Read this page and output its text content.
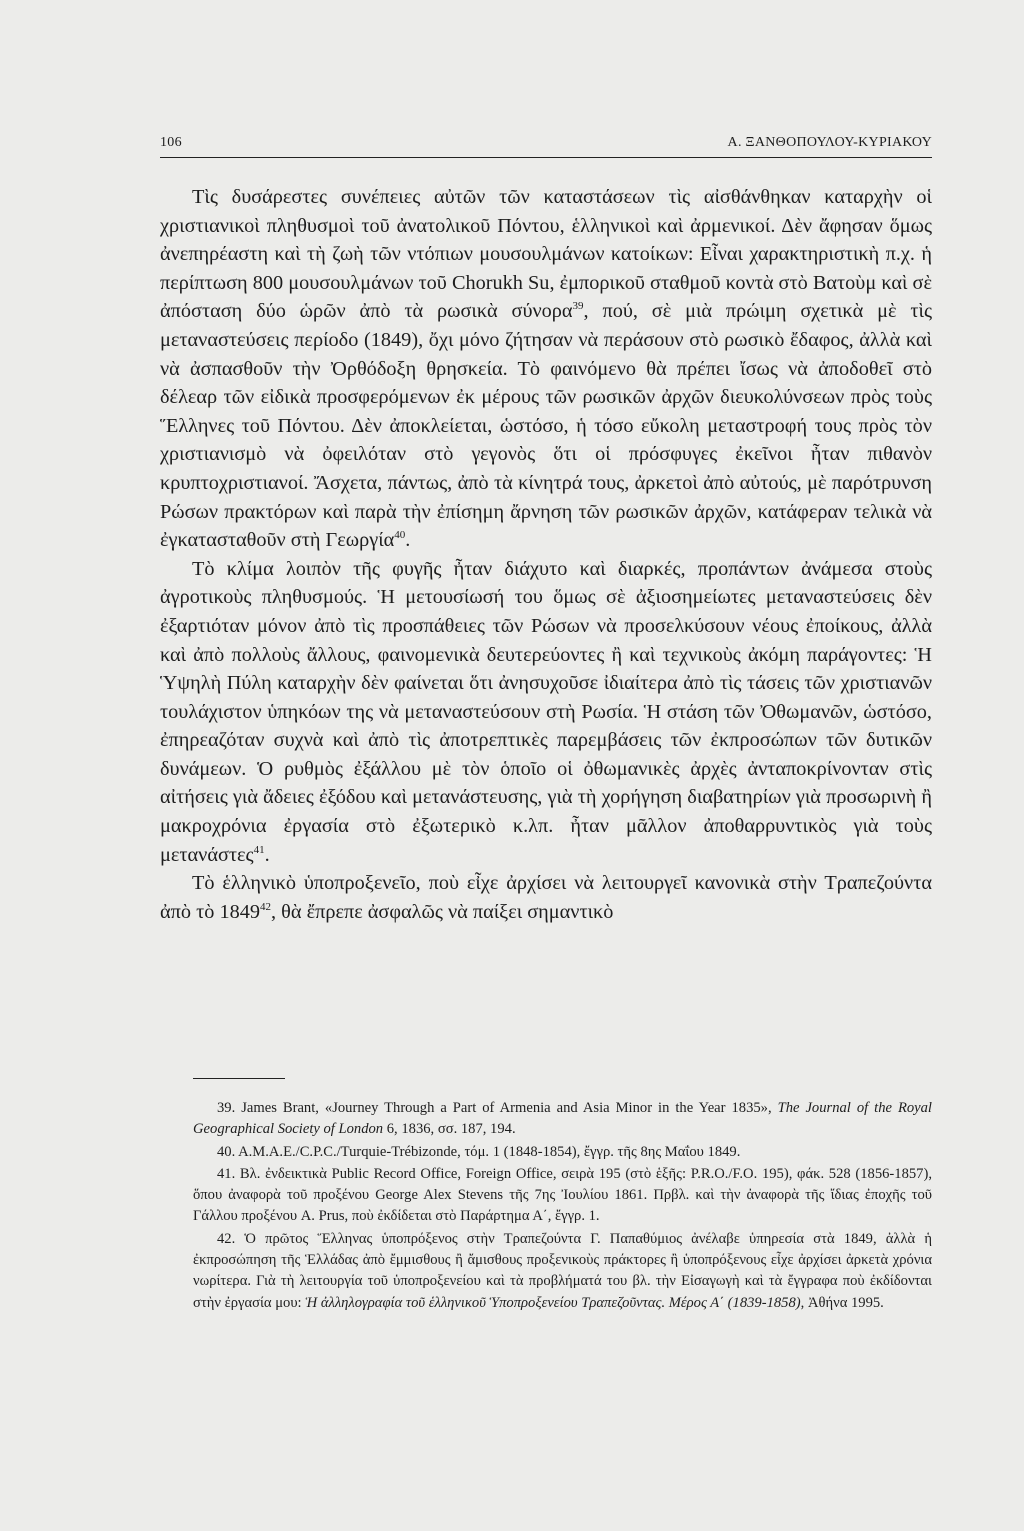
106	Α. ΞΑΝΘΟΠΟΥΛΟΥ-ΚΥΡΙΑΚΟΥ

Τὶς δυσάρεστες συνέπειες αὐτῶν τῶν καταστάσεων τὶς αἰσθάνθηκαν καταρχὴν οἱ χριστιανικοὶ πληθυσμοὶ τοῦ ἀνατολικοῦ Πόντου, ἑλληνικοὶ καὶ ἀρμενικοί. Δὲν ἄφησαν ὅμως ἀνεπηρέαστη καὶ τὴ ζωὴ τῶν ντόπιων μουσουλμάνων κατοίκων: Εἶναι χαρακτηριστικὴ π.χ. ἡ περίπτωση 800 μουσουλμάνων τοῦ Chorukh Su, ἐμπορικοῦ σταθμοῦ κοντὰ στὸ Βατοὺμ καὶ σὲ ἀπόσταση δύο ὡρῶν ἀπὸ τὰ ρωσικὰ σύνορα$^{39}$, πού, σὲ μιὰ πρώιμη σχετικὰ μὲ τὶς μεταναστεύσεις περίοδο (1849), ὄχι μόνο ζήτησαν νὰ περάσουν στὸ ρωσικὸ ἔδαφος, ἀλλὰ καὶ νὰ ἀσπασθοῦν τὴν Ὀρθόδοξη θρησκεία. Τὸ φαινόμενο θὰ πρέπει ἴσως νὰ ἀποδοθεῖ στὸ δέλεαρ τῶν εἰδικὰ προσφερόμενων ἐκ μέρους τῶν ρωσικῶν ἀρχῶν διευκολύνσεων πρὸς τοὺς Ἕλληνες τοῦ Πόντου. Δὲν ἀποκλείεται, ὡστόσο, ἡ τόσο εὔκολη μεταστροφή τους πρὸς τὸν χριστιανισμὸ νὰ ὀφειλόταν στὸ γεγονὸς ὅτι οἱ πρόσφυγες ἐκεῖνοι ἦταν πιθανὸν κρυπτοχριστιανοί. Ἄσχετα, πάντως, ἀπὸ τὰ κίνητρά τους, ἀρκετοὶ ἀπὸ αὐτούς, μὲ παρότρυνση Ρώσων πρακτόρων καὶ παρὰ τὴν ἐπίσημη ἄρνηση τῶν ρωσικῶν ἀρχῶν, κατάφεραν τελικὰ νὰ ἐγκατασταθοῦν στὴ Γεωργία$^{40}$.

Τὸ κλίμα λοιπὸν τῆς φυγῆς ἦταν διάχυτο καὶ διαρκές, προπάντων ἀνάμεσα στοὺς ἀγροτικοὺς πληθυσμούς. Ἡ μετουσίωσή του ὅμως σὲ ἀξιοσημείωτες μεταναστεύσεις δὲν ἐξαρτιόταν μόνον ἀπὸ τὶς προσπάθειες τῶν Ρώσων νὰ προσελκύσουν νέους ἐποίκους, ἀλλὰ καὶ ἀπὸ πολλοὺς ἄλλους, φαινομενικὰ δευτερεύοντες ἢ καὶ τεχνικοὺς ἀκόμη παράγοντες: Ἡ Ὑψηλὴ Πύλη καταρχὴν δὲν φαίνεται ὅτι ἀνησυχοῦσε ἰδιαίτερα ἀπὸ τὶς τάσεις τῶν χριστιανῶν τουλάχιστον ὑπηκόων της νὰ μεταναστεύσουν στὴ Ρωσία. Ἡ στάση τῶν Ὀθωμανῶν, ὡστόσο, ἐπηρεαζόταν συχνὰ καὶ ἀπὸ τὶς ἀποτρεπτικὲς παρεμβάσεις τῶν ἐκπροσώπων τῶν δυτικῶν δυνάμεων. Ὁ ρυθμὸς ἐξάλλου μὲ τὸν ὁποῖο οἱ ὀθωμανικὲς ἀρχὲς ἀνταποκρίνονταν στὶς αἰτήσεις γιὰ ἄδειες ἐξόδου καὶ μετανάστευσης, γιὰ τὴ χορήγηση διαβατηρίων γιὰ προσωρινὴ ἢ μακροχρόνια ἐργασία στὸ ἐξωτερικὸ κ.λπ. ἦταν μᾶλλον ἀποθαρρυντικὸς γιὰ τοὺς μετανάστες$^{41}$.

Τὸ ἑλληνικὸ ὑποπροξενεῖο, ποὺ εἶχε ἀρχίσει νὰ λειτουργεῖ κανονικὰ στὴν Τραπεζούντα ἀπὸ τὸ 1849$^{42}$, θὰ ἔπρεπε ἀσφαλῶς νὰ παίξει σημαντικὸ

39. James Brant, «Journey Through a Part of Armenia and Asia Minor in the Year 1835», The Journal of the Royal Geographical Society of London 6, 1836, σσ. 187, 194.

40. Α.Μ.Α.Ε./C.P.C./Turquie-Trébizonde, τόμ. 1 (1848-1854), ἔγγρ. τῆς 8ης Μαΐου 1849.

41. Βλ. ἐνδεικτικὰ Public Record Office, Foreign Office, σειρὰ 195 (στὸ ἑξῆς: P.R.O./F.O. 195), φάκ. 528 (1856-1857), ὅπου ἀναφορὰ τοῦ προξένου George Alex Stevens τῆς 7ης Ἰουλίου 1861. Πρβλ. καὶ τὴν ἀναφορὰ τῆς ἴδιας ἐποχῆς τοῦ Γάλλου προξένου A. Prus, ποὺ ἐκδίδεται στὸ Παράρτημα Α΄, ἔγγρ. 1.

42. Ὁ πρῶτος Ἕλληνας ὑποπρόξενος στὴν Τραπεζούντα Γ. Παπαθύμιος ἀνέλαβε ὑπηρεσία στὰ 1849, ἀλλὰ ἡ ἐκπροσώπηση τῆς Ἑλλάδας ἀπὸ ἔμμισθους ἢ ἄμισθους προξενικοὺς πράκτορες ἢ ὑποπρόξενους εἶχε ἀρχίσει ἀρκετὰ χρόνια νωρίτερα. Γιὰ τὴ λειτουργία τοῦ ὑποπροξενείου καὶ τὰ προβλήματά του βλ. τὴν Εἰσαγωγὴ καὶ τὰ ἔγγραφα ποὺ ἐκδίδονται στὴν ἐργασία μου: Ἡ ἀλληλογραφία τοῦ ἑλληνικοῦ Ὑποπροξενείου Τραπεζοῦντας. Μέρος Α΄ (1839-1858), Ἀθήνα 1995.
